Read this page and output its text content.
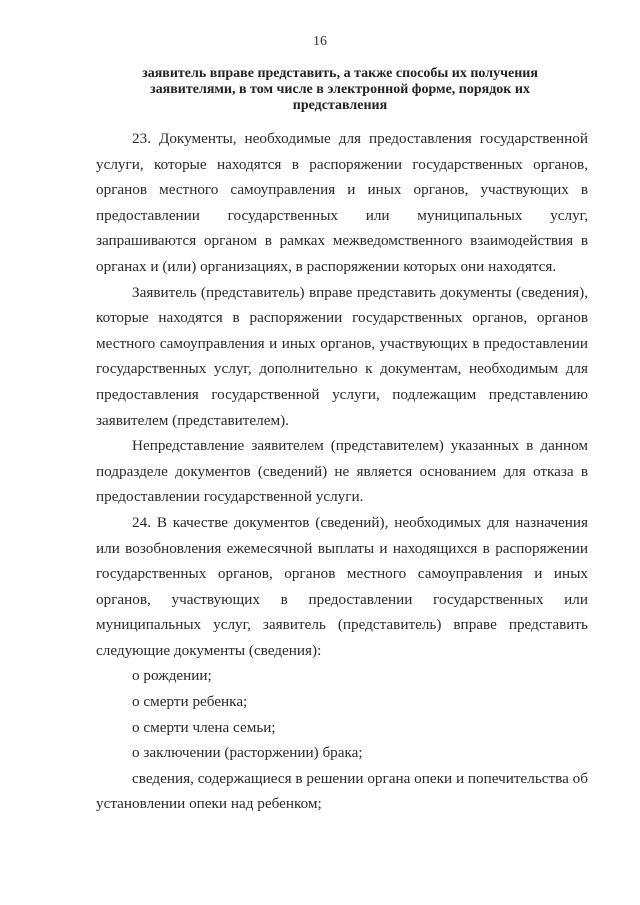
16
заявитель вправе представить, а также способы их получения
заявителями, в том числе в электронной форме, порядок их
представления

23. Документы, необходимые для предоставления государственной услуги, которые находятся в распоряжении государственных органов, органов местного самоуправления и иных органов, участвующих в предоставлении государственных или муниципальных услуг, запрашиваются органом в рамках межведомственного взаимодействия в органах и (или) организациях, в распоряжении которых они находятся.

Заявитель (представитель) вправе представить документы (сведения), которые находятся в распоряжении государственных органов, органов местного самоуправления и иных органов, участвующих в предоставлении государственных услуг, дополнительно к документам, необходимым для предоставления государственной услуги, подлежащим представлению заявителем (представителем).

Непредставление заявителем (представителем) указанных в данном подразделе документов (сведений) не является основанием для отказа в предоставлении государственной услуги.

24. В качестве документов (сведений), необходимых для назначения или возобновления ежемесячной выплаты и находящихся в распоряжении государственных органов, органов местного самоуправления и иных органов, участвующих в предоставлении государственных или муниципальных услуг, заявитель (представитель) вправе представить следующие документы (сведения):

о рождении;

о смерти ребенка;

о смерти члена семьи;

о заключении (расторжении) брака;

сведения, содержащиеся в решении органа опеки и попечительства об установлении опеки над ребенком;
